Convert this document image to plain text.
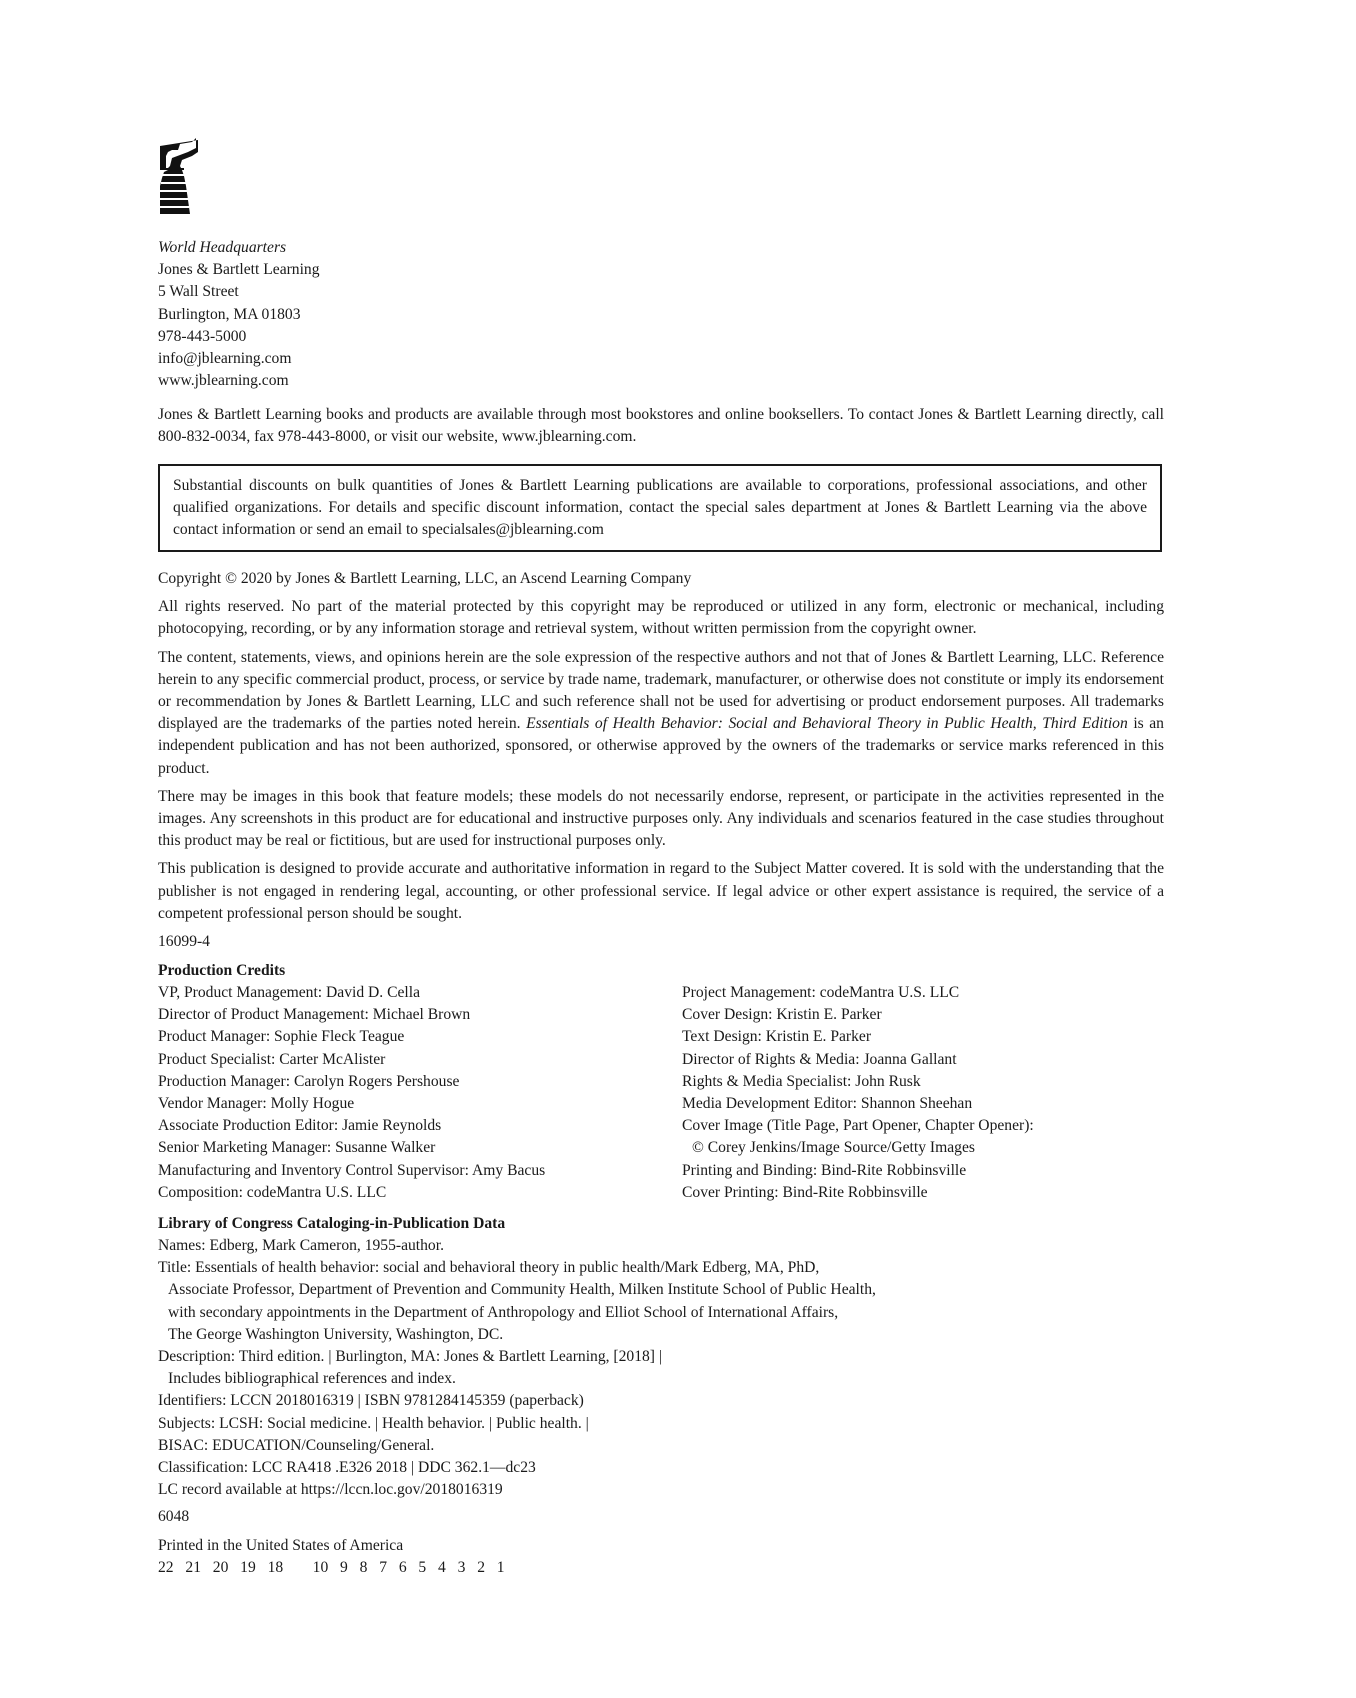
World Headquarters
Jones & Bartlett Learning
5 Wall Street
Burlington, MA 01803
978-443-5000
info@jblearning.com
www.jblearning.com

Jones & Bartlett Learning books and products are available through most bookstores and online booksellers. To contact Jones & Bartlett Learning directly, call 800-832-0034, fax 978-443-8000, or visit our website, www.jblearning.com.

Substantial discounts on bulk quantities of Jones & Bartlett Learning publications are available to corporations, professional associations, and other qualified organizations. For details and specific discount information, contact the special sales department at Jones & Bartlett Learning via the above contact information or send an email to specialsales@jblearning.com

Copyright © 2020 by Jones & Bartlett Learning, LLC, an Ascend Learning Company

All rights reserved. No part of the material protected by this copyright may be reproduced or utilized in any form, electronic or mechanical, including photocopying, recording, or by any information storage and retrieval system, without written permission from the copyright owner.

The content, statements, views, and opinions herein are the sole expression of the respective authors and not that of Jones & Bartlett Learning, LLC. Reference herein to any specific commercial product, process, or service by trade name, trademark, manufacturer, or otherwise does not constitute or imply its endorsement or recommendation by Jones & Bartlett Learning, LLC and such reference shall not be used for advertising or product endorsement purposes. All trademarks displayed are the trademarks of the parties noted herein. Essentials of Health Behavior: Social and Behavioral Theory in Public Health, Third Edition is an independent publication and has not been authorized, sponsored, or otherwise approved by the owners of the trademarks or service marks referenced in this product.

There may be images in this book that feature models; these models do not necessarily endorse, represent, or participate in the activities represented in the images. Any screenshots in this product are for educational and instructive purposes only. Any individuals and scenarios featured in the case studies throughout this product may be real or fictitious, but are used for instructional purposes only.

This publication is designed to provide accurate and authoritative information in regard to the Subject Matter covered. It is sold with the understanding that the publisher is not engaged in rendering legal, accounting, or other professional service. If legal advice or other expert assistance is required, the service of a competent professional person should be sought.

16099-4

Production Credits
VP, Product Management: David D. Cella
Director of Product Management: Michael Brown
Product Manager: Sophie Fleck Teague
Product Specialist: Carter McAlister
Production Manager: Carolyn Rogers Pershouse
Vendor Manager: Molly Hogue
Associate Production Editor: Jamie Reynolds
Senior Marketing Manager: Susanne Walker
Manufacturing and Inventory Control Supervisor: Amy Bacus
Composition: codeMantra U.S. LLC
Project Management: codeMantra U.S. LLC
Cover Design: Kristin E. Parker
Text Design: Kristin E. Parker
Director of Rights & Media: Joanna Gallant
Rights & Media Specialist: John Rusk
Media Development Editor: Shannon Sheehan
Cover Image (Title Page, Part Opener, Chapter Opener):
© Corey Jenkins/Image Source/Getty Images
Printing and Binding: Bind-Rite Robbinsville
Cover Printing: Bind-Rite Robbinsville
Library of Congress Cataloging-in-Publication Data
Names: Edberg, Mark Cameron, 1955-author.
Title: Essentials of health behavior: social and behavioral theory in public health/Mark Edberg, MA, PhD,
Associate Professor, Department of Prevention and Community Health, Milken Institute School of Public Health,
with secondary appointments in the Department of Anthropology and Elliot School of International Affairs,
The George Washington University, Washington, DC.
Description: Third edition. | Burlington, MA: Jones & Bartlett Learning, [2018] |
Includes bibliographical references and index.
Identifiers: LCCN 2018016319 | ISBN 9781284145359 (paperback)
Subjects: LCSH: Social medicine. | Health behavior. | Public health. |
BISAC: EDUCATION/Counseling/General.
Classification: LCC RA418 .E326 2018 | DDC 362.1—dc23
LC record available at https://lccn.loc.gov/2018016319
6048
Printed in the United States of America
22  21  20  19  18     10  9  8  7  6  5  4  3  2  1
